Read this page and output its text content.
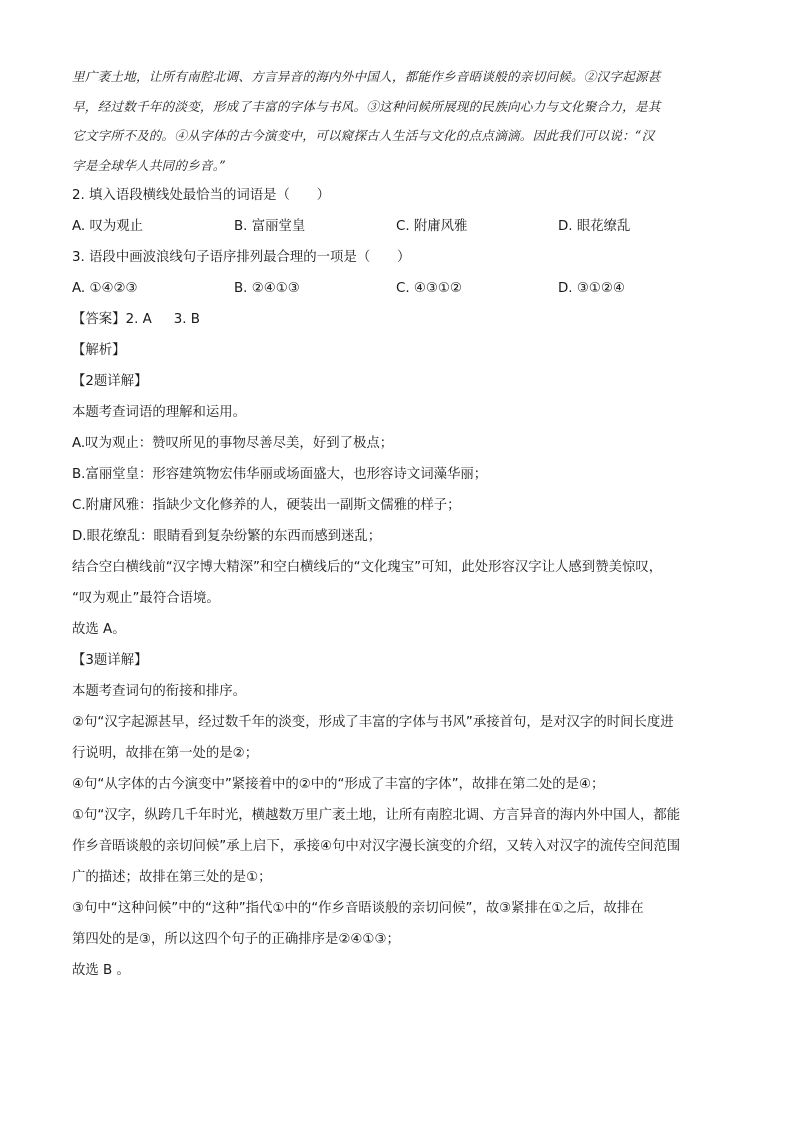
里广袤土地，让所有南腔北调、方言异音的海内外中国人，都能作乡音晤谈般的亲切问候。②汉字起源甚

早，经过数千年的淡变，形成了丰富的字体与书风。③这种问候所展现的民族向心力与文化聚合力，是其

它文字所不及的。④从字体的古今演变中，可以窥探古人生活与文化的点点滴滴。因此我们可以说：“汉

字是全球华人共同的乡音。”

2. 填入语段横线处最恰当的词语是（　　）
A. 叹为观止	B. 富丽堂皇	C. 附庸风雅	D. 眼花缭乱
3. 语段中画波浪线句子语序排列最合理的一项是（　　）
A. ①④②③	B. ②④①③	C. ④③①②	D. ③①②④
【答案】2. A 3. B
【解析】

【2题详解】

本题考查词语的理解和运用。

A.叹为观止：赞叹所见的事物尽善尽美，好到了极点；

B.富丽堂皇：形容建筑物宏伟华丽或场面盛大，也形容诗文词藻华丽；

C.附庸风雅：指缺少文化修养的人，硬装出一副斯文儒雅的样子；

D.眼花缭乱：眼睛看到复杂纷繁的东西而感到迷乱；

结合空白横线前“汉字博大精深”和空白横线后的“文化瑰宝”可知，此处形容汉字让人感到赞美惊叹，

“叹为观止”最符合语境。

故选 A。

【3题详解】

本题考查词句的衔接和排序。

②句“汉字起源甚早，经过数千年的淡变，形成了丰富的字体与书风”承接首句，是对汉字的时间长度进

行说明，故排在第一处的是②；

④句“从字体的古今演变中”紧接着中的②中的“形成了丰富的字体”，故排在第二处的是④；

①句“汉字，纵跨几千年时光，横越数万里广袤土地，让所有南腔北调、方言异音的海内外中国人，都能

作乡音晤谈般的亲切问候”承上启下，承接④句中对汉字漫长演变的介绍，又转入对汉字的流传空间范围

广的描述；故排在第三处的是①；

③句中“这种问候”中的“这种”指代①中的“作乡音晤谈般的亲切问候”，故③紧排在①之后，故排在

第四处的是③，所以这四个句子的正确排序是②④①③；

故选 B 。
